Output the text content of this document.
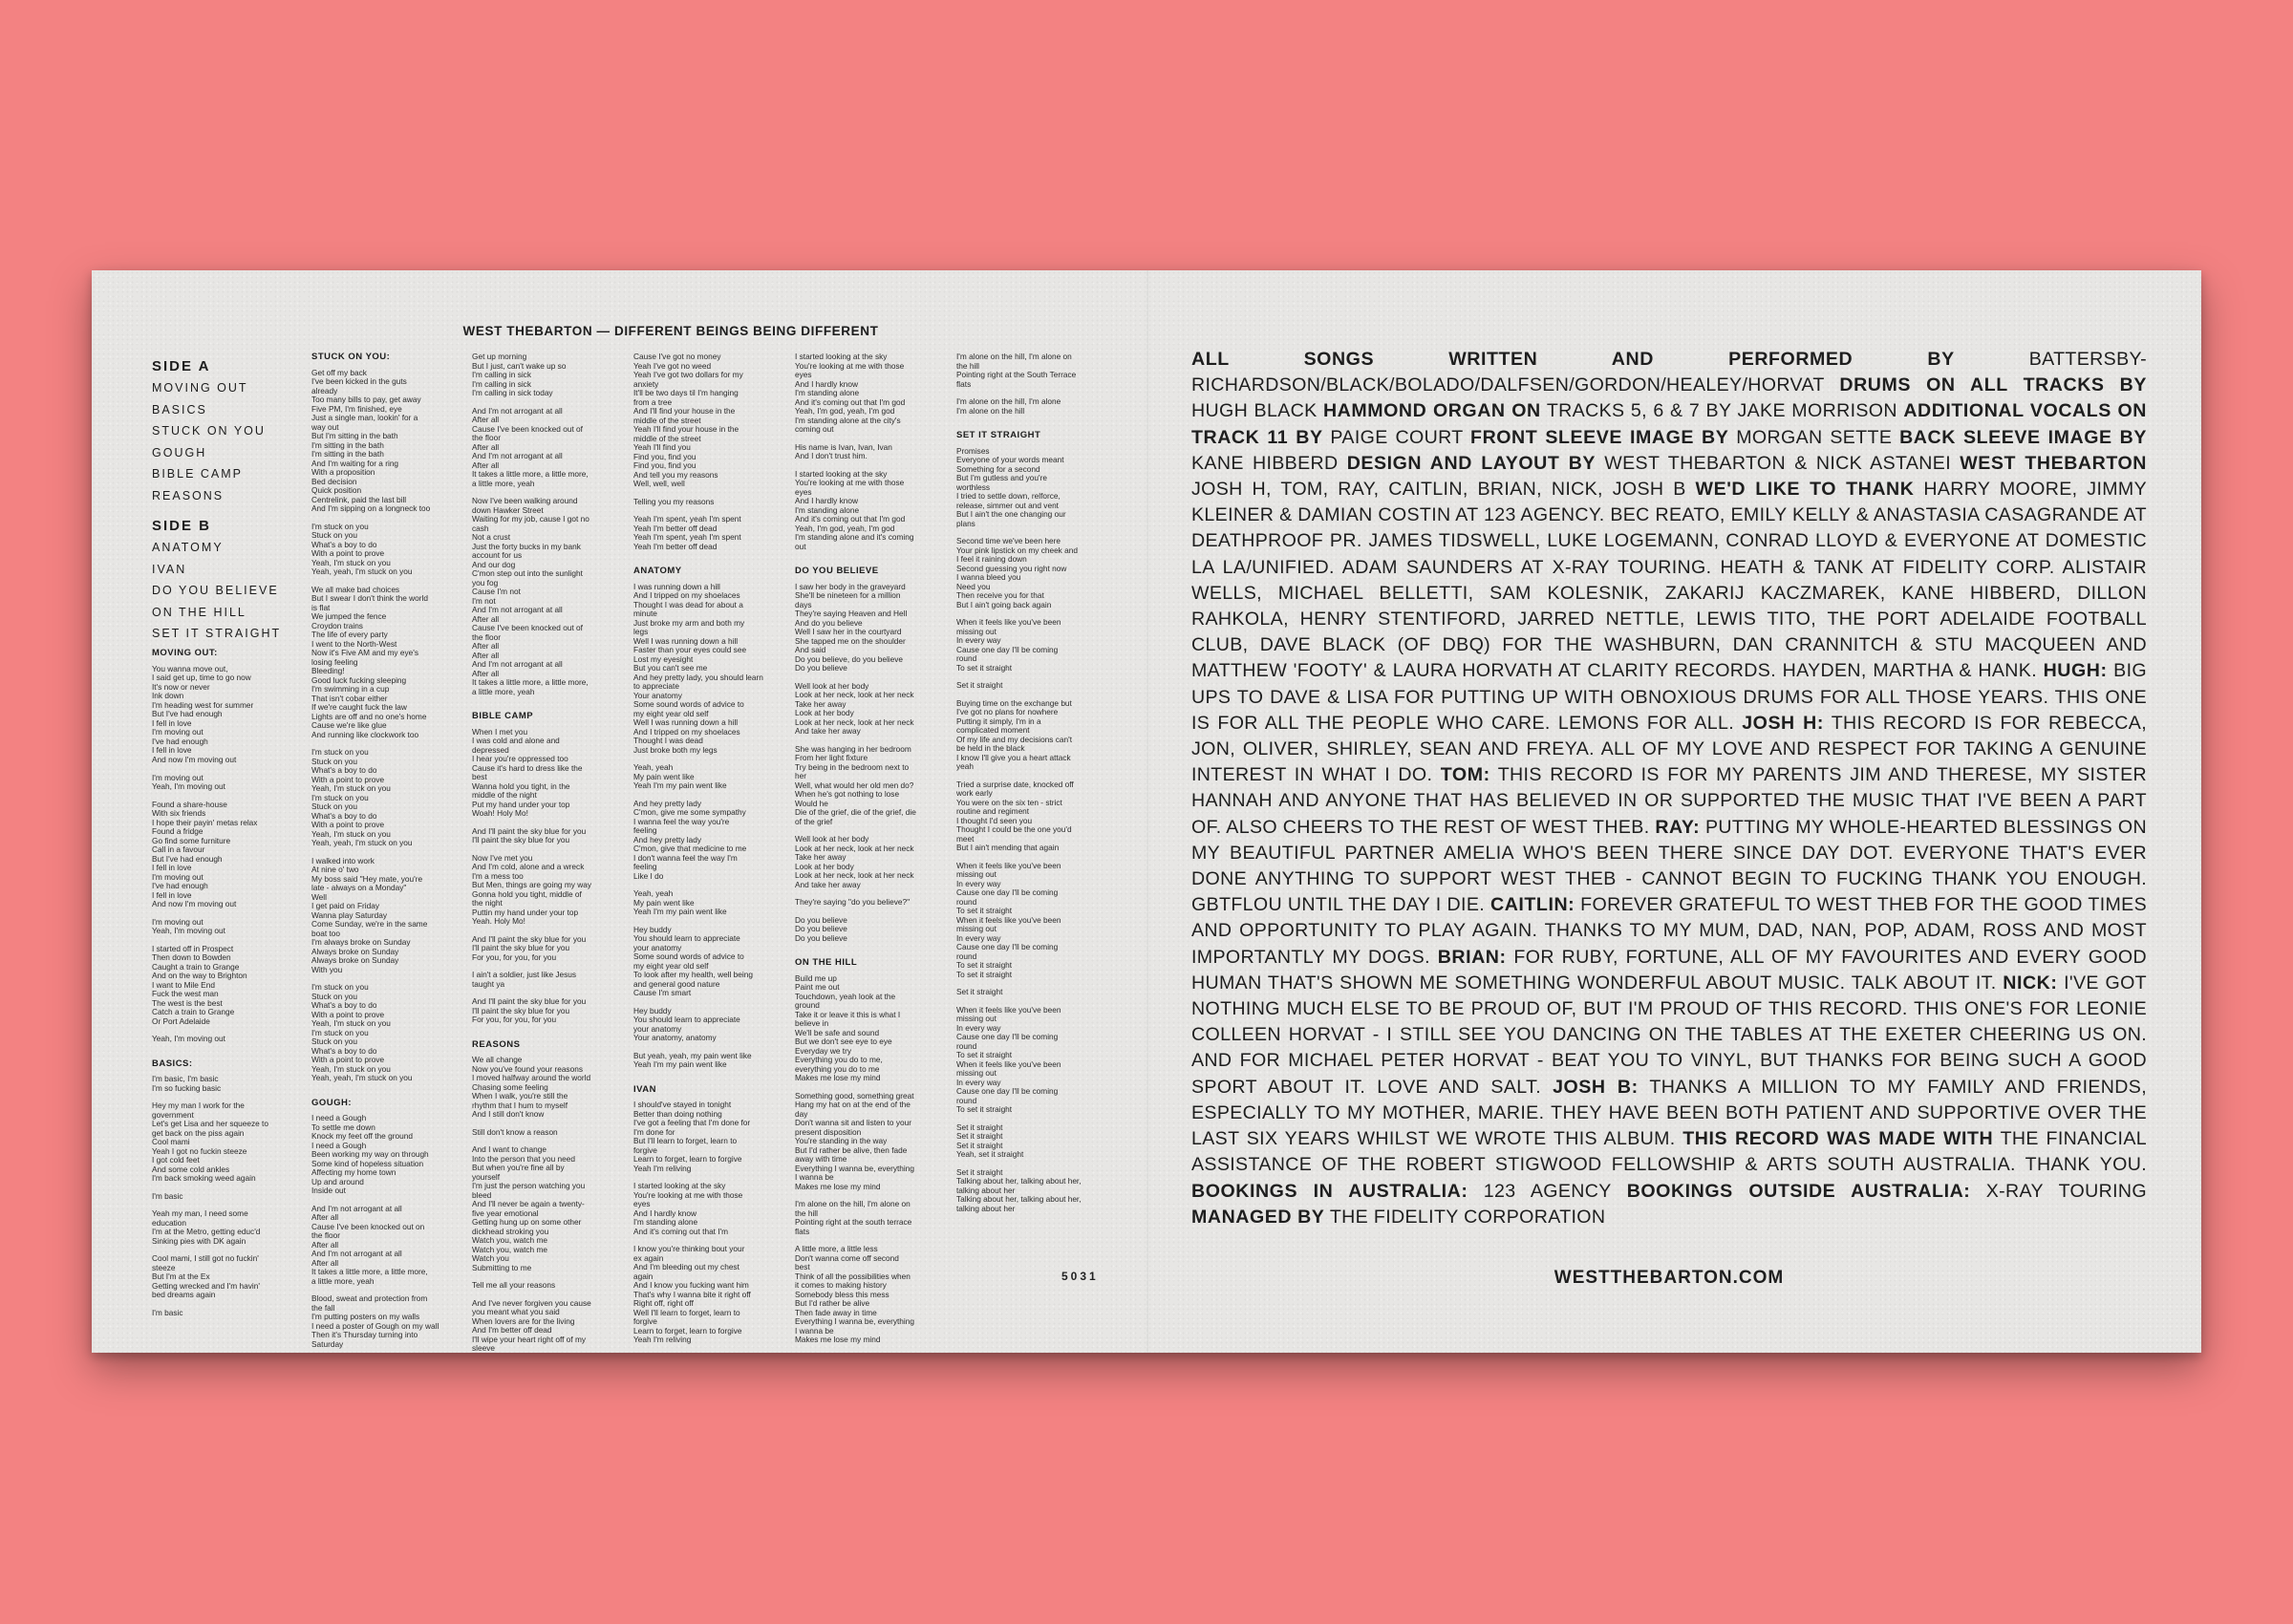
WEST THEBARTON — DIFFERENT BEINGS BEING DIFFERENT
SIDE A
MOVING OUT
BASICS
STUCK ON YOU
GOUGH
BIBLE CAMP
REASONS
SIDE B
ANATOMY
IVAN
DO YOU BELIEVE
ON THE HILL
SET IT STRAIGHT
MOVING OUT:
You wanna move out,
I said get up, time to go now
It's now or never
Ink down
I'm heading west for summer
But I've had enough
I fell in love
I'm moving out
I've had enough
I fell in love
And now I'm moving out

I'm moving out
Yeah, I'm moving out
Found a share-house
With six friends
I hope their payin' metas relax
Found a fridge
Go find some furniture
Call in a favour
But I've had enough
I fell in love
I'm moving out
I've had enough
I fell in love
And now I'm moving out
I'm moving out
Yeah, I'm moving out
I started off in Prospect
Then down to Bowden
Caught a train to Grange
And on the way to Brighton
I want to Mile End
Fuck the west man
The west is the best
Catch a train to Grange
Or Port Adelaide
Yeah, I'm moving out
BASICS:
I'm basic, I'm basic
I'm so fucking basic
Hey my man I work for the
government
Let's get Lisa and her squeeze to
get back on the piss again
Cool mami
Yeah I got no fuckin steeze
I got cold feet
And some cold ankles
I'm back smoking weed again
I'm basic
Yeah my man, I need some
education
I'm at the Metro, getting educ'd
Sinking pies with DK again
Cool mami, I still got no fuckin'
steeze
But I'm at the Ex
Getting wrecked and I'm havin'
bed dreams again
I'm basic
STUCK ON YOU:
Get off my back
I've been kicked in the guts
already
Too many bills to pay, get away
Five PM, I'm finished, eye
Just a single man, lookin' for a
way out
But I'm sitting in the bath
I'm sitting in the bath
I'm sitting in the bath
And I'm waiting for a ring
With a proposition
Bed decision
Quick position
Centrelink, paid the last bill
And I'm sipping on a longneck too
I'm stuck on you
Stuck on you
What's a boy to do
With a point to prove
Yeah, I'm stuck on you
Yeah, yeah, I'm stuck on you
We all make bad choices
But I swear I don't think the world
is flat
We jumped the fence
Croydon trains
The life of every party
I went to the North-West
Now it's Five AM and my eye's
losing feeling
Bleeding!
Good luck fucking sleeping
I'm swimming in a cup
That isn't cobar either
If we're caught fuck the law
Lights are off and no one's home
Cause we're like glue
And running like clockwork too
I'm stuck on you
Stuck on you
What's a boy to do
With a point to prove
Yeah, I'm stuck on you
I'm stuck on you
Stuck on you
What's a boy to do
With a point to prove
Yeah, I'm stuck on you
Yeah, yeah, I'm stuck on you
I walked into work
At nine o' two
My boss said "Hey mate, you're
late - always on a Monday"
Well
I get paid on Friday
Wanna play Saturday
Come Sunday, we're in the same
boat too
I'm always broke on Sunday
Always broke on Sunday
Always broke on Sunday
With you
I'm stuck on you
Stuck on you
What's a boy to do
With a point to prove
Yeah, I'm stuck on you
I'm stuck on you
Stuck on you
What's a boy to do
With a point to prove
Yeah, I'm stuck on you
Yeah, yeah, I'm stuck on you
GOUGH:
I need a Gough
To settle me down
Knock my feet off the ground
I need a Gough
Been working my way on through
Some kind of hopeless situation
Affecting my home town
Up and around
Inside out
And I'm not arrogant at all
After all
Cause I've been knocked out on
the floor
After all
And I'm not arrogant at all
After all
It takes a little more, a little more,
a little more, yeah
Blood, sweat and protection from
the fall
I'm putting posters on my walls
I need a poster of Gough on my wall
Then it's Thursday turning into
Saturday
Get up morning
But I just, can't wake up so
I'm calling in sick
I'm calling in sick
I'm calling in sick today
And I'm not arrogant at all
After all
Cause I've been knocked out of
the floor
After all
And I'm not arrogant at all
After all
It takes a little more, a little more,
a little more, yeah
Now I've been walking around
down Hawker Street
Waiting for my job, cause I got no
cash
Not a crust
Just the forty bucks in my bank
account for us
And our dog
C'mon step out into the sunlight
you fog
Cause I'm not
I'm not
And I'm not arrogant at all
After all
Cause I've been knocked out of
the floor
After all
After all
And I'm not arrogant at all
After all
It takes a little more, a little more,
a little more, yeah
BIBLE CAMP
When I met you
I was cold and alone and
depressed
I hear you're oppressed too
Cause it's hard to dress like the
best
Wanna hold you tight, in the
middle of the night
Put my hand under your top
Woah! Holy Mo!
And I'll paint the sky blue for you
I'll paint the sky blue for you
Now I've met you
And I'm cold, alone and a wreck
I'm a mess too
But Men, things are going my way
Gonna hold you tight, middle of
the night
Puttin my hand under your top
Yeah. Holy Mo!
And I'll paint the sky blue for you
I'll paint the sky blue for you
For you, for you, for you
I ain't a soldier, just like Jesus
taught ya
And I'll paint the sky blue for you
I'll paint the sky blue for you
For you, for you, for you
REASONS
We all change
Now you've found your reasons
I moved halfway around the world
Chasing some feeling
When I walk, you're still the
rhythm that I hum to myself
And I still don't know
Still don't know a reason
And I want to change
Into the person that you need
But when you're fine all by
yourself
I'm just the person watching you
bleed
And I'll never be again a twenty-
five year emotional
Getting hung up on some other
dickhead stroking you
Watch you, watch me
Watch you, watch me
Watch you
Submitting to me
Tell me all your reasons
And I've never forgiven you cause
you meant what you said
When lovers are for the living
And I'm better off dead
I'll wipe your heart right off of my
sleeve
Cause I've got no money
Yeah I've got no weed
Yeah I've got two dollars for my
anxiety
It'll be two days til I'm hanging
from a tree
And I'll find your house in the
middle of the street
Yeah I'll find your house in the
middle of the street
Yeah I'll find you
Find you, find you
Find you, find you
And tell you my reasons
Well, well, well
Telling you my reasons
Yeah I'm spent, yeah I'm spent
Yeah I'm better off dead
Yeah I'm spent, yeah I'm spent
Yeah I'm better off dead
ANATOMY
I was running down a hill
And I tripped on my shoelaces
Thought I was dead for about a
minute
Just broke my arm and both my
legs
Well I was running down a hill
Faster than your eyes could see
Lost my eyesight
But you can't see me
And hey pretty lady, you should learn
to appreciate
Your anatomy
Some sound words of advice to
my eight year old self
Well I was running down a hill
And I tripped on my shoelaces
Thought I was dead
Just broke both my legs
Yeah, yeah
My pain went like
Yeah I'm my pain went like
And hey pretty lady
C'mon, give me some sympathy
I wanna feel the way you're
feeling
And hey pretty lady
C'mon, give that medicine to me
I don't wanna feel the way I'm
feeling
Like I do
Yeah, yeah
My pain went like
Yeah I'm my pain went like
Hey buddy
You should learn to appreciate
your anatomy
Some sound words of advice to
my eight year old self
To look after my health, well being
and general good nature
Cause I'm smart
Hey buddy
You should learn to appreciate
your anatomy
Your anatomy, anatomy
But yeah, yeah, my pain went like
Yeah I'm my pain went like
IVAN
I should've stayed in tonight
Better than doing nothing
I've got a feeling that I'm done for
I'm done for
But I'll learn to forget, learn to
forgive
Learn to forget, learn to forgive
Yeah I'm reliving
I started looking at the sky
You're looking at me with those
eyes
And I hardly know
I'm standing alone
And it's coming out that I'm
I know you're thinking bout your
ex again
And I'm bleeding out my chest
again
And I know you fucking want him
That's why I wanna bite it right off
Right off, right off
Well I'll learn to forget, learn to
forgive
Learn to forget, learn to forgive
Yeah I'm reliving
I started looking at the sky
You're looking at me with those
eyes
And I hardly know
I'm standing alone
And it's coming out that I'm god
Yeah, I'm god, yeah, I'm god
I'm standing alone at the city's
coming out
His name is Ivan, Ivan, Ivan
And I don't trust him.
I started looking at the sky
You're looking at me with those
eyes
And I hardly know
I'm standing alone
And it's coming out that I'm god
Yeah, I'm god, yeah, I'm god
I'm standing alone and it's coming
out
DO YOU BELIEVE
I saw her body in the graveyard
She'll be nineteen for a million
days
They're saying Heaven and Hell
And do you believe
Well I saw her in the courtyard
She tapped me on the shoulder
And said
Do you believe, do you believe
Do you believe
Well look at her body
Look at her neck, look at her neck
Take her away
Look at her body
Look at her neck, look at her neck
And take her away
She was hanging in her bedroom
From her light fixture
Try being in the bedroom next to
her
Well, what would her old men do?
When he's got nothing to lose
Would he
Die of the grief, die of the grief, die
of the grief
Well look at her body
Look at her neck, look at her neck
Take her away
Look at her body
Look at her neck, look at her neck
And take her away
They're saying "do you believe?"
Do you believe
Do you believe
Do you believe
ON THE HILL
Build me up
Paint me out
Touchdown, yeah look at the
ground
Take it or leave it this is what I
believe in
We'll be safe and sound
But we don't see eye to eye
Everyday we try
Everything you do to me,
everything you do to me
Makes me lose my mind
Something good, something great
Hang my hat on at the end of the
day
Don't wanna sit and listen to your
present disposition
You're standing in the way
But I'd rather be alive, then fade
away with time
Everything I wanna be, everything
I wanna be
Makes me lose my mind
I'm alone on the hill, I'm alone on
the hill
Pointing right at the south terrace
flats
A little more, a little less
Don't wanna come off second
best
Think of all the possibilities when
it comes to making history
Somebody bless this mess
But I'd rather be alive
Then fade away in time
Everything I wanna be, everything
I wanna be
Makes me lose my mind
I'm alone on the hill, I'm alone on
the hill
Pointing right at the South Terrace
flats
I'm alone on the hill, I'm alone
I'm alone on the hill
SET IT STRAIGHT
Promises
Everyone of your words meant
Something for a second
But I'm gutless and you're
worthless
I tried to settle down, relforce,
release, simmer out and vent
But I ain't the one changing our
plans
Second time we've been here
Your pink lipstick on my cheek and
I feel it raining down
Second guessing you right now
I wanna bleed you
Need you
Then receive you for that
But I ain't going back again
When it feels like you've been
missing out
In every way
Cause one day I'll be coming
round
To set it straight
Set it straight
Buying time on the exchange but
I've got no plans for nowhere
Putting it simply, I'm in a
complicated moment
Of my life and my decisions can't
be held in the black
I know I'll give you a heart attack
yeah
Tried a surprise date, knocked off
work early
You were on the six ten - strict
routine and regiment
I thought I'd seen you
Thought I could be the one you'd
meet
But I ain't mending that again
When it feels like you've been
missing out
In every way
Cause one day I'll be coming
round
To set it straight
When it feels like you've been
missing out
In every way
Cause one day I'll be coming
round
To set it straight
To set it straight
Set it straight
When it feels like you've been
missing out
In every way
Cause one day I'll be coming
round
To set it straight
When it feels like you've been
missing out
In every way
Cause one day I'll be coming
round
To set it straight
Set it straight
Set it straight
Set it straight
Yeah, set it straight
Set it straight
Talking about her, talking about her,
talking about her
Talking about her, talking about her,
talking about her
5031
ALL SONGS WRITTEN AND PERFORMED BY BATTERSBY-RICHARDSON/BLACK/BOLADO/DALFSEN/GORDON/HEALEY/HORVAT DRUMS ON ALL TRACKS BY HUGH BLACK HAMMOND ORGAN ON TRACKS 5, 6 & 7 BY JAKE MORRISON ADDITIONAL VOCALS ON TRACK 11 BY PAIGE COURT FRONT SLEEVE IMAGE BY MORGAN SETTE BACK SLEEVE IMAGE BY KANE HIBBERD DESIGN AND LAYOUT BY WEST THEBARTON & NICK ASTANEI WEST THEBARTON JOSH H, TOM, RAY, CAITLIN, BRIAN, NICK, JOSH B WE'D LIKE TO THANK HARRY MOORE, JIMMY KLEINER & DAMIAN COSTIN AT 123 AGENCY. BEC REATO, EMILY KELLY & ANASTASIA CASAGRANDE AT DEATHPROOF PR. JAMES TIDSWELL, LUKE LOGEMANN, CONRAD LLOYD & EVERYONE AT DOMESTIC LA LA/UNIFIED. ADAM SAUNDERS AT X-RAY TOURING. HEATH & TANK AT FIDELITY CORP. ALISTAIR WELLS, MICHAEL BELLETTI, SAM KOLESNIK, ZAKARIJ KACZMAREK, KANE HIBBERD, DILLON RAHKOLA, HENRY STENTIFORD, JARRED NETTLE, LEWIS TITO, THE PORT ADELAIDE FOOTBALL CLUB, DAVE BLACK (OF DBQ) FOR THE WASHBURN, DAN CRANNITCH & STU MACQUEEN AND MATTHEW 'FOOTY' & LAURA HORVATH AT CLARITY RECORDS. HAYDEN, MARTHA & HANK. HUGH: BIG UPS TO DAVE & LISA FOR PUTTING UP WITH OBNOXIOUS DRUMS FOR ALL THOSE YEARS. THIS ONE IS FOR ALL THE PEOPLE WHO CARE. LEMONS FOR ALL. JOSH H: THIS RECORD IS FOR REBECCA, JON, OLIVER, SHIRLEY, SEAN AND FREYA. ALL OF MY LOVE AND RESPECT FOR TAKING A GENUINE INTEREST IN WHAT I DO. TOM: THIS RECORD IS FOR MY PARENTS JIM AND THERESE, MY SISTER HANNAH AND ANYONE THAT HAS BELIEVED IN OR SUPPORTED THE MUSIC THAT I'VE BEEN A PART OF. ALSO CHEERS TO THE REST OF WEST THEB. RAY: PUTTING MY WHOLE-HEARTED BLESSINGS ON MY BEAUTIFUL PARTNER AMELIA WHO'S BEEN THERE SINCE DAY DOT. EVERYONE THAT'S EVER DONE ANYTHING TO SUPPORT WEST THEB - CANNOT BEGIN TO FUCKING THANK YOU ENOUGH. GBTFLOU UNTIL THE DAY I DIE. CAITLIN: FOREVER GRATEFUL TO WEST THEB FOR THE GOOD TIMES AND OPPORTUNITY TO PLAY AGAIN. THANKS TO MY MUM, DAD, NAN, POP, ADAM, ROSS AND MOST IMPORTANTLY MY DOGS. BRIAN: FOR RUBY, FORTUNE, ALL OF MY FAVOURITES AND EVERY GOOD HUMAN THAT'S SHOWN ME SOMETHING WONDERFUL ABOUT MUSIC. TALK ABOUT IT. NICK: I'VE GOT NOTHING MUCH ELSE TO BE PROUD OF, BUT I'M PROUD OF THIS RECORD. THIS ONE'S FOR LEONIE COLLEEN HORVAT - I STILL SEE YOU DANCING ON THE TABLES AT THE EXETER CHEERING US ON. AND FOR MICHAEL PETER HORVAT - BEAT YOU TO VINYL, BUT THANKS FOR BEING SUCH A GOOD SPORT ABOUT IT. LOVE AND SALT. JOSH B: THANKS A MILLION TO MY FAMILY AND FRIENDS, ESPECIALLY TO MY MOTHER, MARIE. THEY HAVE BEEN BOTH PATIENT AND SUPPORTIVE OVER THE LAST SIX YEARS WHILST WE WROTE THIS ALBUM. THIS RECORD WAS MADE WITH THE FINANCIAL ASSISTANCE OF THE ROBERT STIGWOOD FELLOWSHIP & ARTS SOUTH AUSTRALIA. THANK YOU. BOOKINGS IN AUSTRALIA: 123 AGENCY BOOKINGS OUTSIDE AUSTRALIA: X-RAY TOURING MANAGED BY THE FIDELITY CORPORATION
WESTTHEBARTON.COM
